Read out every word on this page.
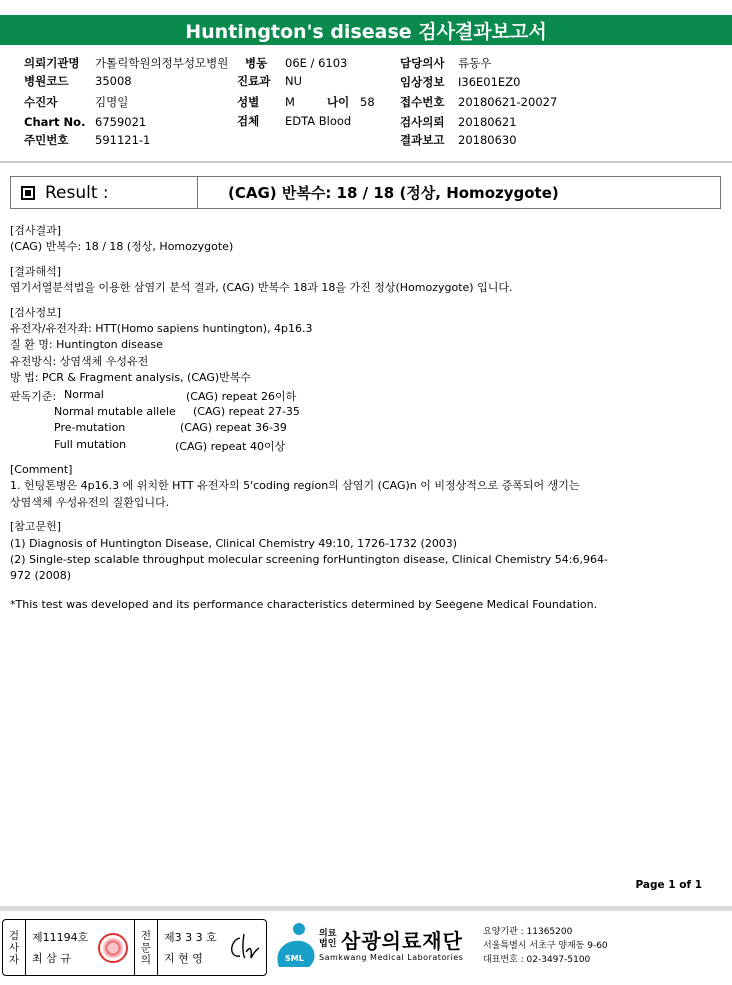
Huntington's disease 검사결과보고서
의뢰기관명 가톨릭학원의정부성모병원
병원코드 35008
수진자	김명일
Chart No. 6759021
주민번호 591121-1
병동 06E / 6103
진료과 NU
성별 M	나이 58
검체 EDTA Blood
담당의사 류동우
임상정보 I36E01EZ0
접수번호 20180621-20027
검사의뢰 20180621
결과보고 20180630
Result :	(CAG) 반복수: 18 / 18 (정상, Homozygote)
[검사결과]
(CAG) 반복수: 18 / 18 (정상, Homozygote)
[결과해석]
염기서열분석법을 이용한 삼염기 분석 결과, (CAG) 반복수 18과 18을 가진 정상(Homozygote) 입니다.
[검사정보]
유전자/유전자좌: HTT(Homo sapiens huntington), 4p16.3
질 환 명: Huntington disease
유전방식: 상염색체 우성유전
방 법: PCR & Fragment analysis, (CAG)반복수
판독기준: Normal	(CAG) repeat 26이하
Normal mutable allele (CAG) repeat 27-35
Pre-mutation	(CAG) repeat 36-39
Full mutation	(CAG) repeat 40이상
[Comment]
1. 헌팅톤병은 4p16.3 에 위치한 HTT 유전자의 5'coding region의 삼염기 (CAG)n 이 비정상적으로 증폭되어 생기는
상염색체 우성유전의 질환입니다.
[참고문헌]
(1) Diagnosis of Huntington Disease, Clinical Chemistry 49:10, 1726-1732 (2003)
(2) Single-step scalable throughput molecular screening forHuntington disease, Clinical Chemistry 54:6,964-
972 (2008)
*This test was developed and its performance characteristics determined by Seegene Medical Foundation.
Page 1 of 1
검
사
자
제11194호
최 삼 규
전
문
의
제3 3 3 호
지 현 영	SML
의료
법인 삼광의료재단
Samkwang Medical Laboratories
요양기관 : 11365200
서울특별시 서초구 양재동 9-60
대표번호 : 02-3497-5100
